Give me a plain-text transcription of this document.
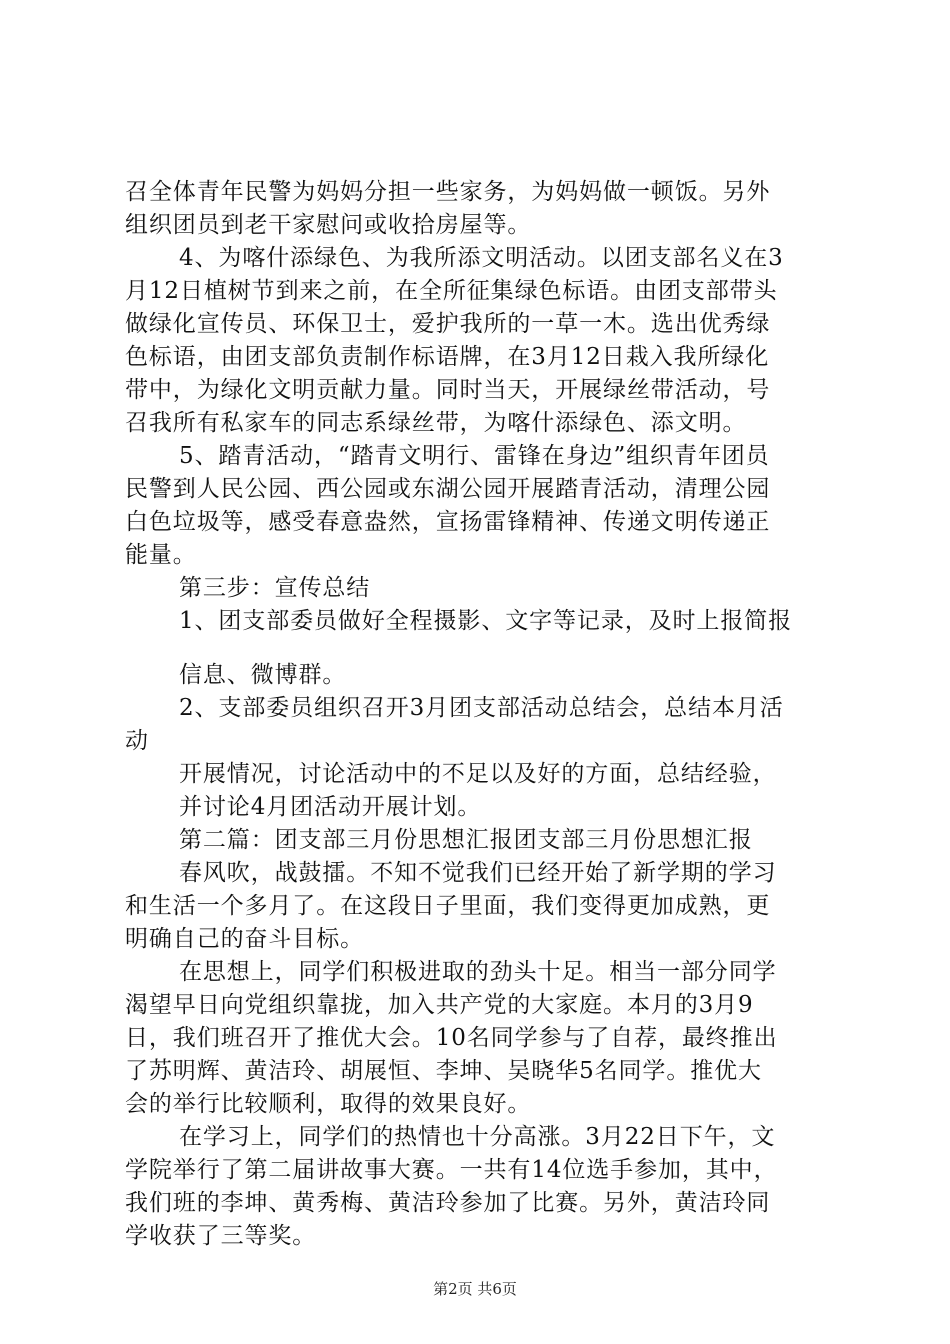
召全体青年民警为妈妈分担一些家务，为妈妈做一顿饭。另外
组织团员到老干家慰问或收拾房屋等。
4、为喀什添绿色、为我所添文明活动。以团支部名义在3
月12日植树节到来之前，在全所征集绿色标语。由团支部带头
做绿化宣传员、环保卫士，爱护我所的一草一木。选出优秀绿
色标语，由团支部负责制作标语牌，在3月12日栽入我所绿化
带中，为绿化文明贡献力量。同时当天，开展绿丝带活动，号
召我所有私家车的同志系绿丝带，为喀什添绿色、添文明。
5、踏青活动，“踏青文明行、雷锋在身边”组织青年团员
民警到人民公园、西公园或东湖公园开展踏青活动，清理公园
白色垃圾等，感受春意盎然，宣扬雷锋精神、传递文明传递正
能量。
第三步：宣传总结
1、团支部委员做好全程摄影、文字等记录，及时上报简报
信息、微博群。
2、支部委员组织召开3月团支部活动总结会，总结本月活
动
开展情况，讨论活动中的不足以及好的方面，总结经验，
并讨论4月团活动开展计划。
第二篇：团支部三月份思想汇报团支部三月份思想汇报
春风吹，战鼓擂。不知不觉我们已经开始了新学期的学习
和生活一个多月了。在这段日子里面，我们变得更加成熟，更
明确自己的奋斗目标。
在思想上，同学们积极进取的劲头十足。相当一部分同学
渴望早日向党组织靠拢，加入共产党的大家庭。本月的3月9
日，我们班召开了推优大会。10名同学参与了自荐，最终推出
了苏明辉、黄洁玲、胡展恒、李坤、吴晓华5名同学。推优大
会的举行比较顺利，取得的效果良好。
在学习上，同学们的热情也十分高涨。3月22日下午，文
学院举行了第二届讲故事大赛。一共有14位选手参加，其中，
我们班的李坤、黄秀梅、黄洁玲参加了比赛。另外，黄洁玲同
学收获了三等奖。
第2页 共6页
